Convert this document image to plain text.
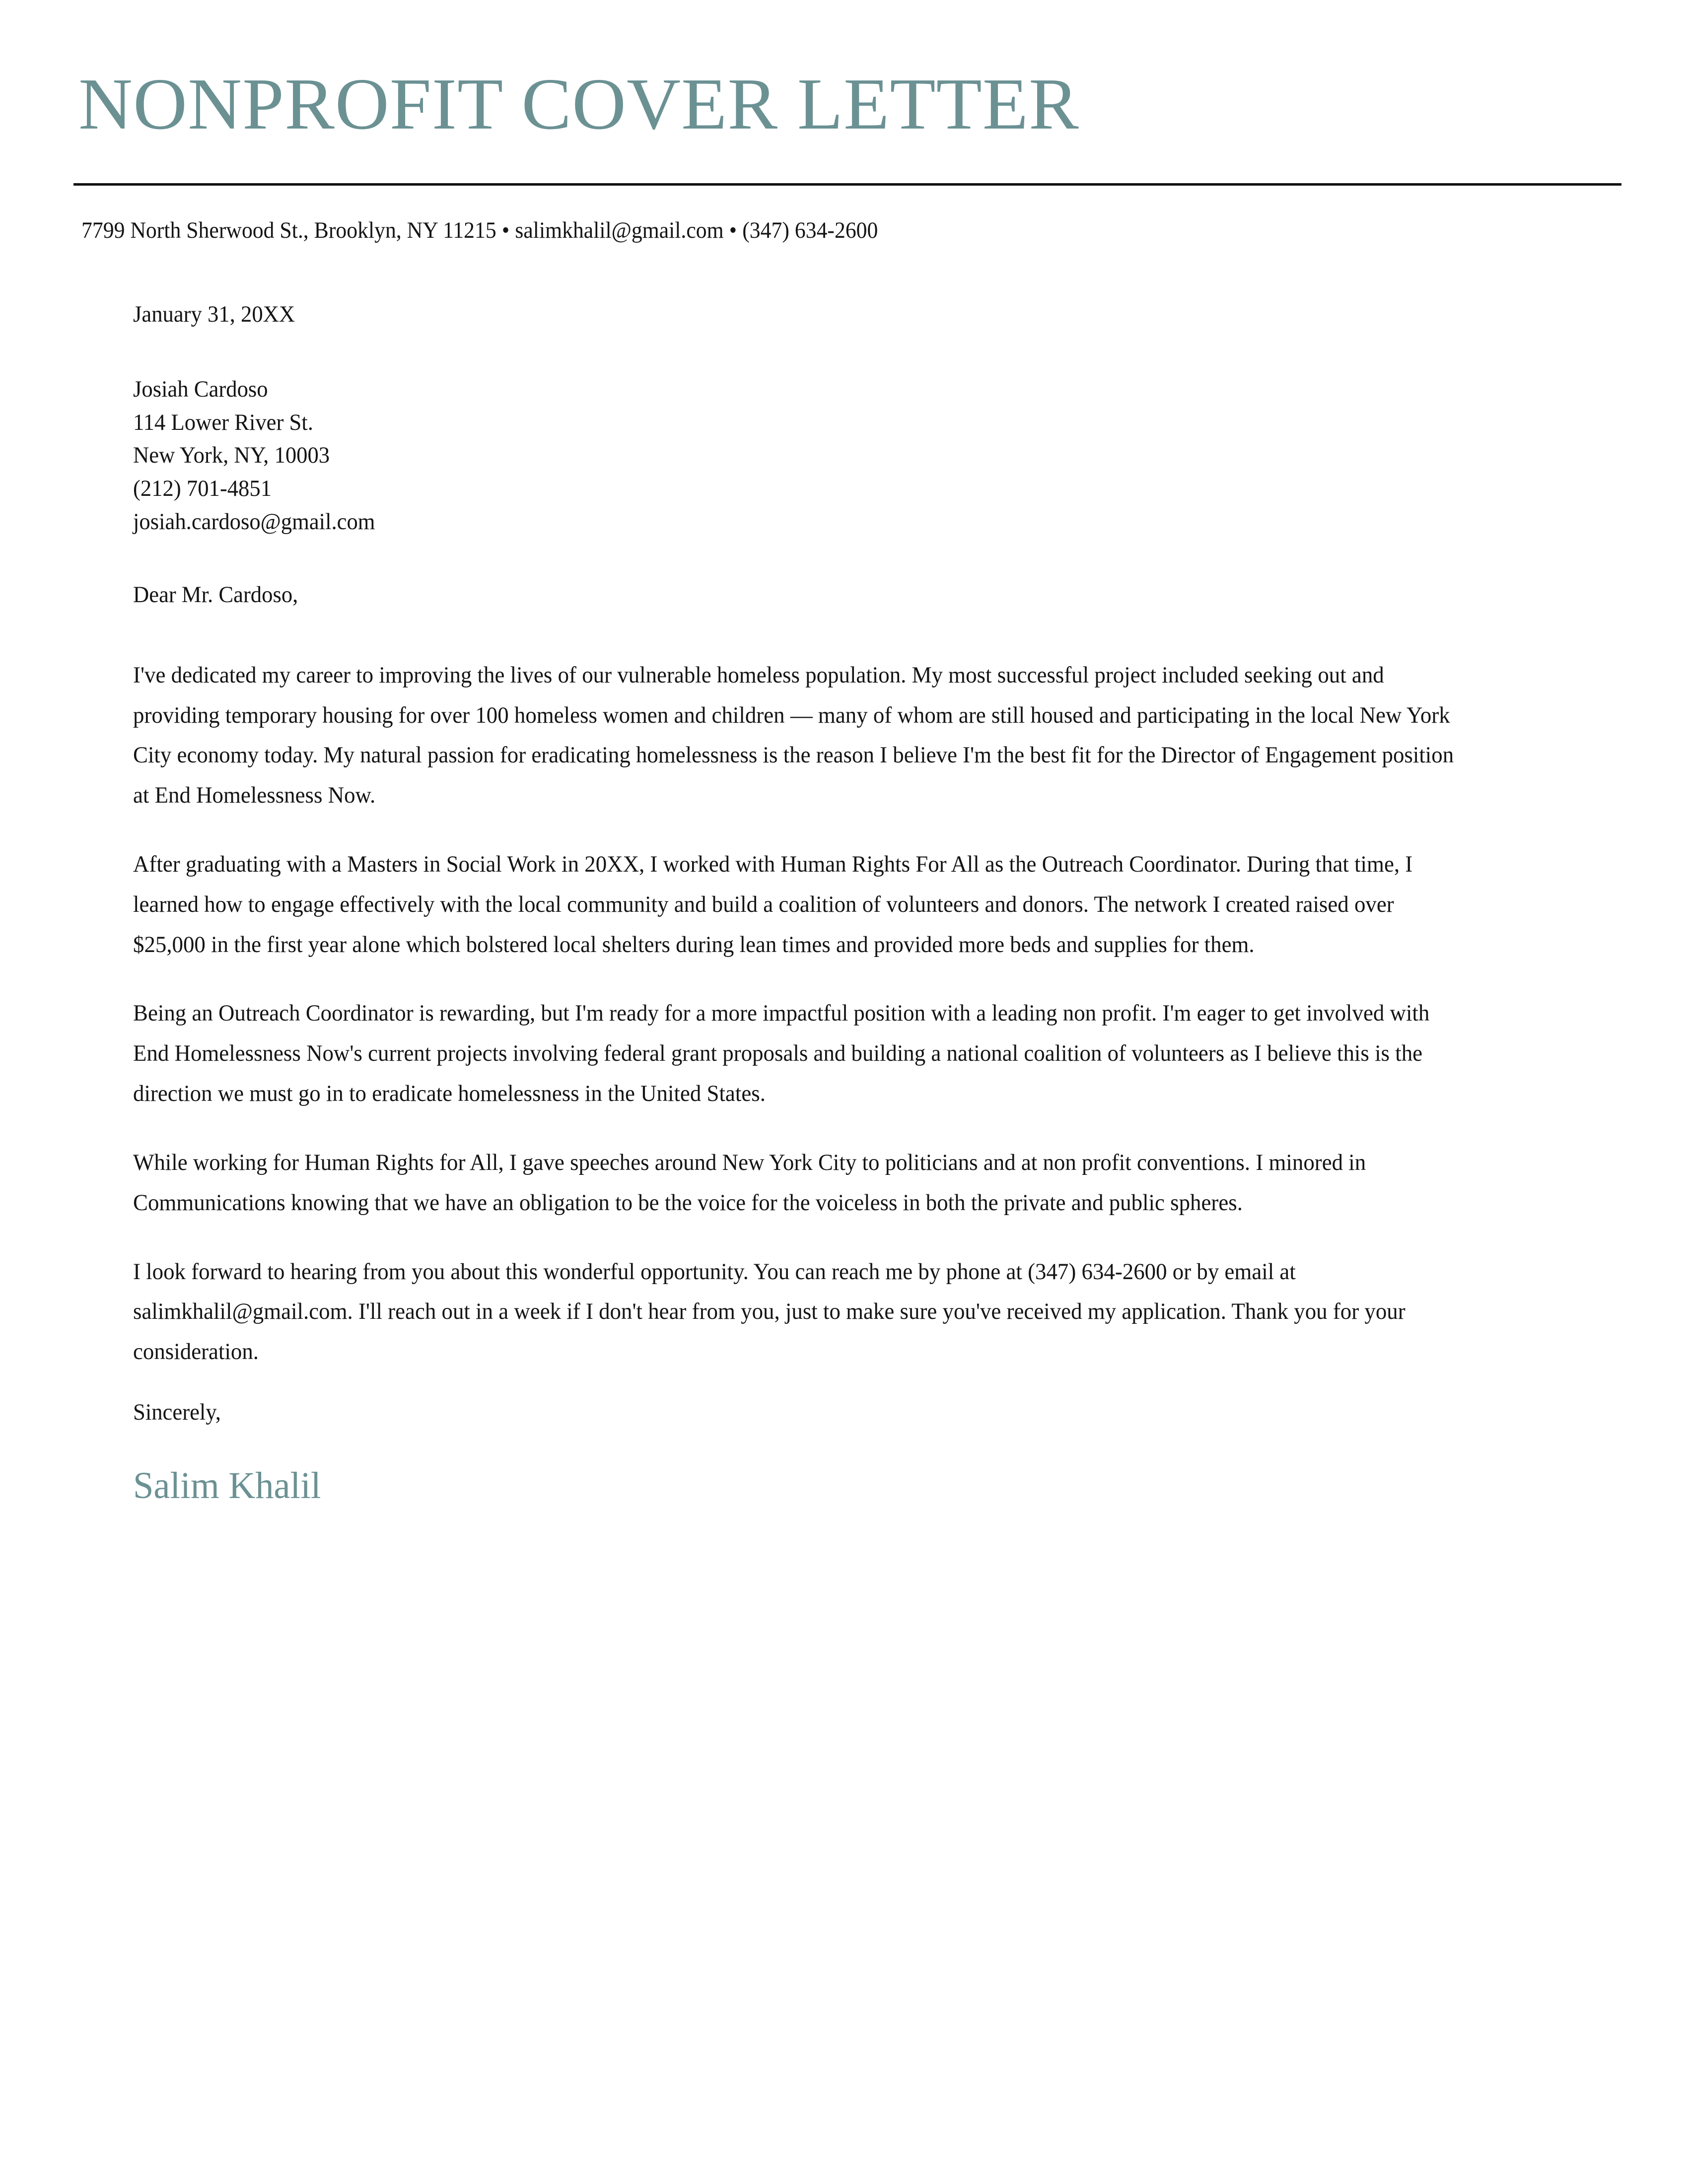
NONPROFIT COVER LETTER
7799 North Sherwood St., Brooklyn, NY 11215 • salimkhalil@gmail.com • (347) 634-2600
January 31, 20XX
Josiah Cardoso
114 Lower River St.
New York, NY, 10003
(212) 701-4851
josiah.cardoso@gmail.com
Dear Mr. Cardoso,

I've dedicated my career to improving the lives of our vulnerable homeless population. My most successful project included seeking out and providing temporary housing for over 100 homeless women and children — many of whom are still housed and participating in the local New York City economy today. My natural passion for eradicating homelessness is the reason I believe I'm the best fit for the Director of Engagement position at End Homelessness Now.

After graduating with a Masters in Social Work in 20XX, I worked with Human Rights For All as the Outreach Coordinator. During that time, I learned how to engage effectively with the local community and build a coalition of volunteers and donors. The network I created raised over $25,000 in the first year alone which bolstered local shelters during lean times and provided more beds and supplies for them.

Being an Outreach Coordinator is rewarding, but I'm ready for a more impactful position with a leading non profit. I'm eager to get involved with End Homelessness Now's current projects involving federal grant proposals and building a national coalition of volunteers as I believe this is the direction we must go in to eradicate homelessness in the United States.

While working for Human Rights for All, I gave speeches around New York City to politicians and at non profit conventions. I minored in Communications knowing that we have an obligation to be the voice for the voiceless in both the private and public spheres.

I look forward to hearing from you about this wonderful opportunity. You can reach me by phone at (347) 634-2600 or by email at salimkhalil@gmail.com. I'll reach out in a week if I don't hear from you, just to make sure you've received my application. Thank you for your consideration.

Sincerely,
Salim Khalil
